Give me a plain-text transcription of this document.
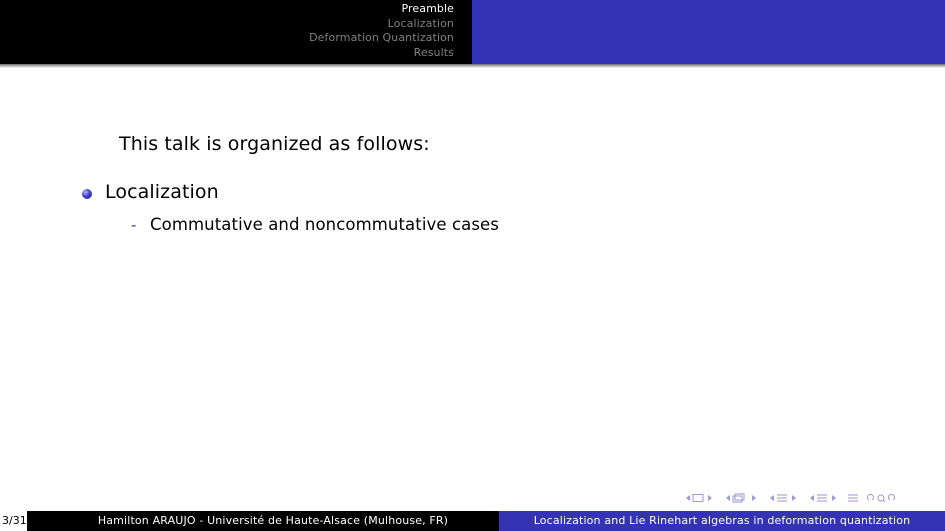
Preamble
Localization
Deformation Quantization
Results
This talk is organized as follows:
Localization
- Commutative and noncommutative cases
3/31	Hamilton ARAUJO - Université de Haute-Alsace (Mulhouse, FR)	Localization and Lie Rinehart algebras in deformation quantization
